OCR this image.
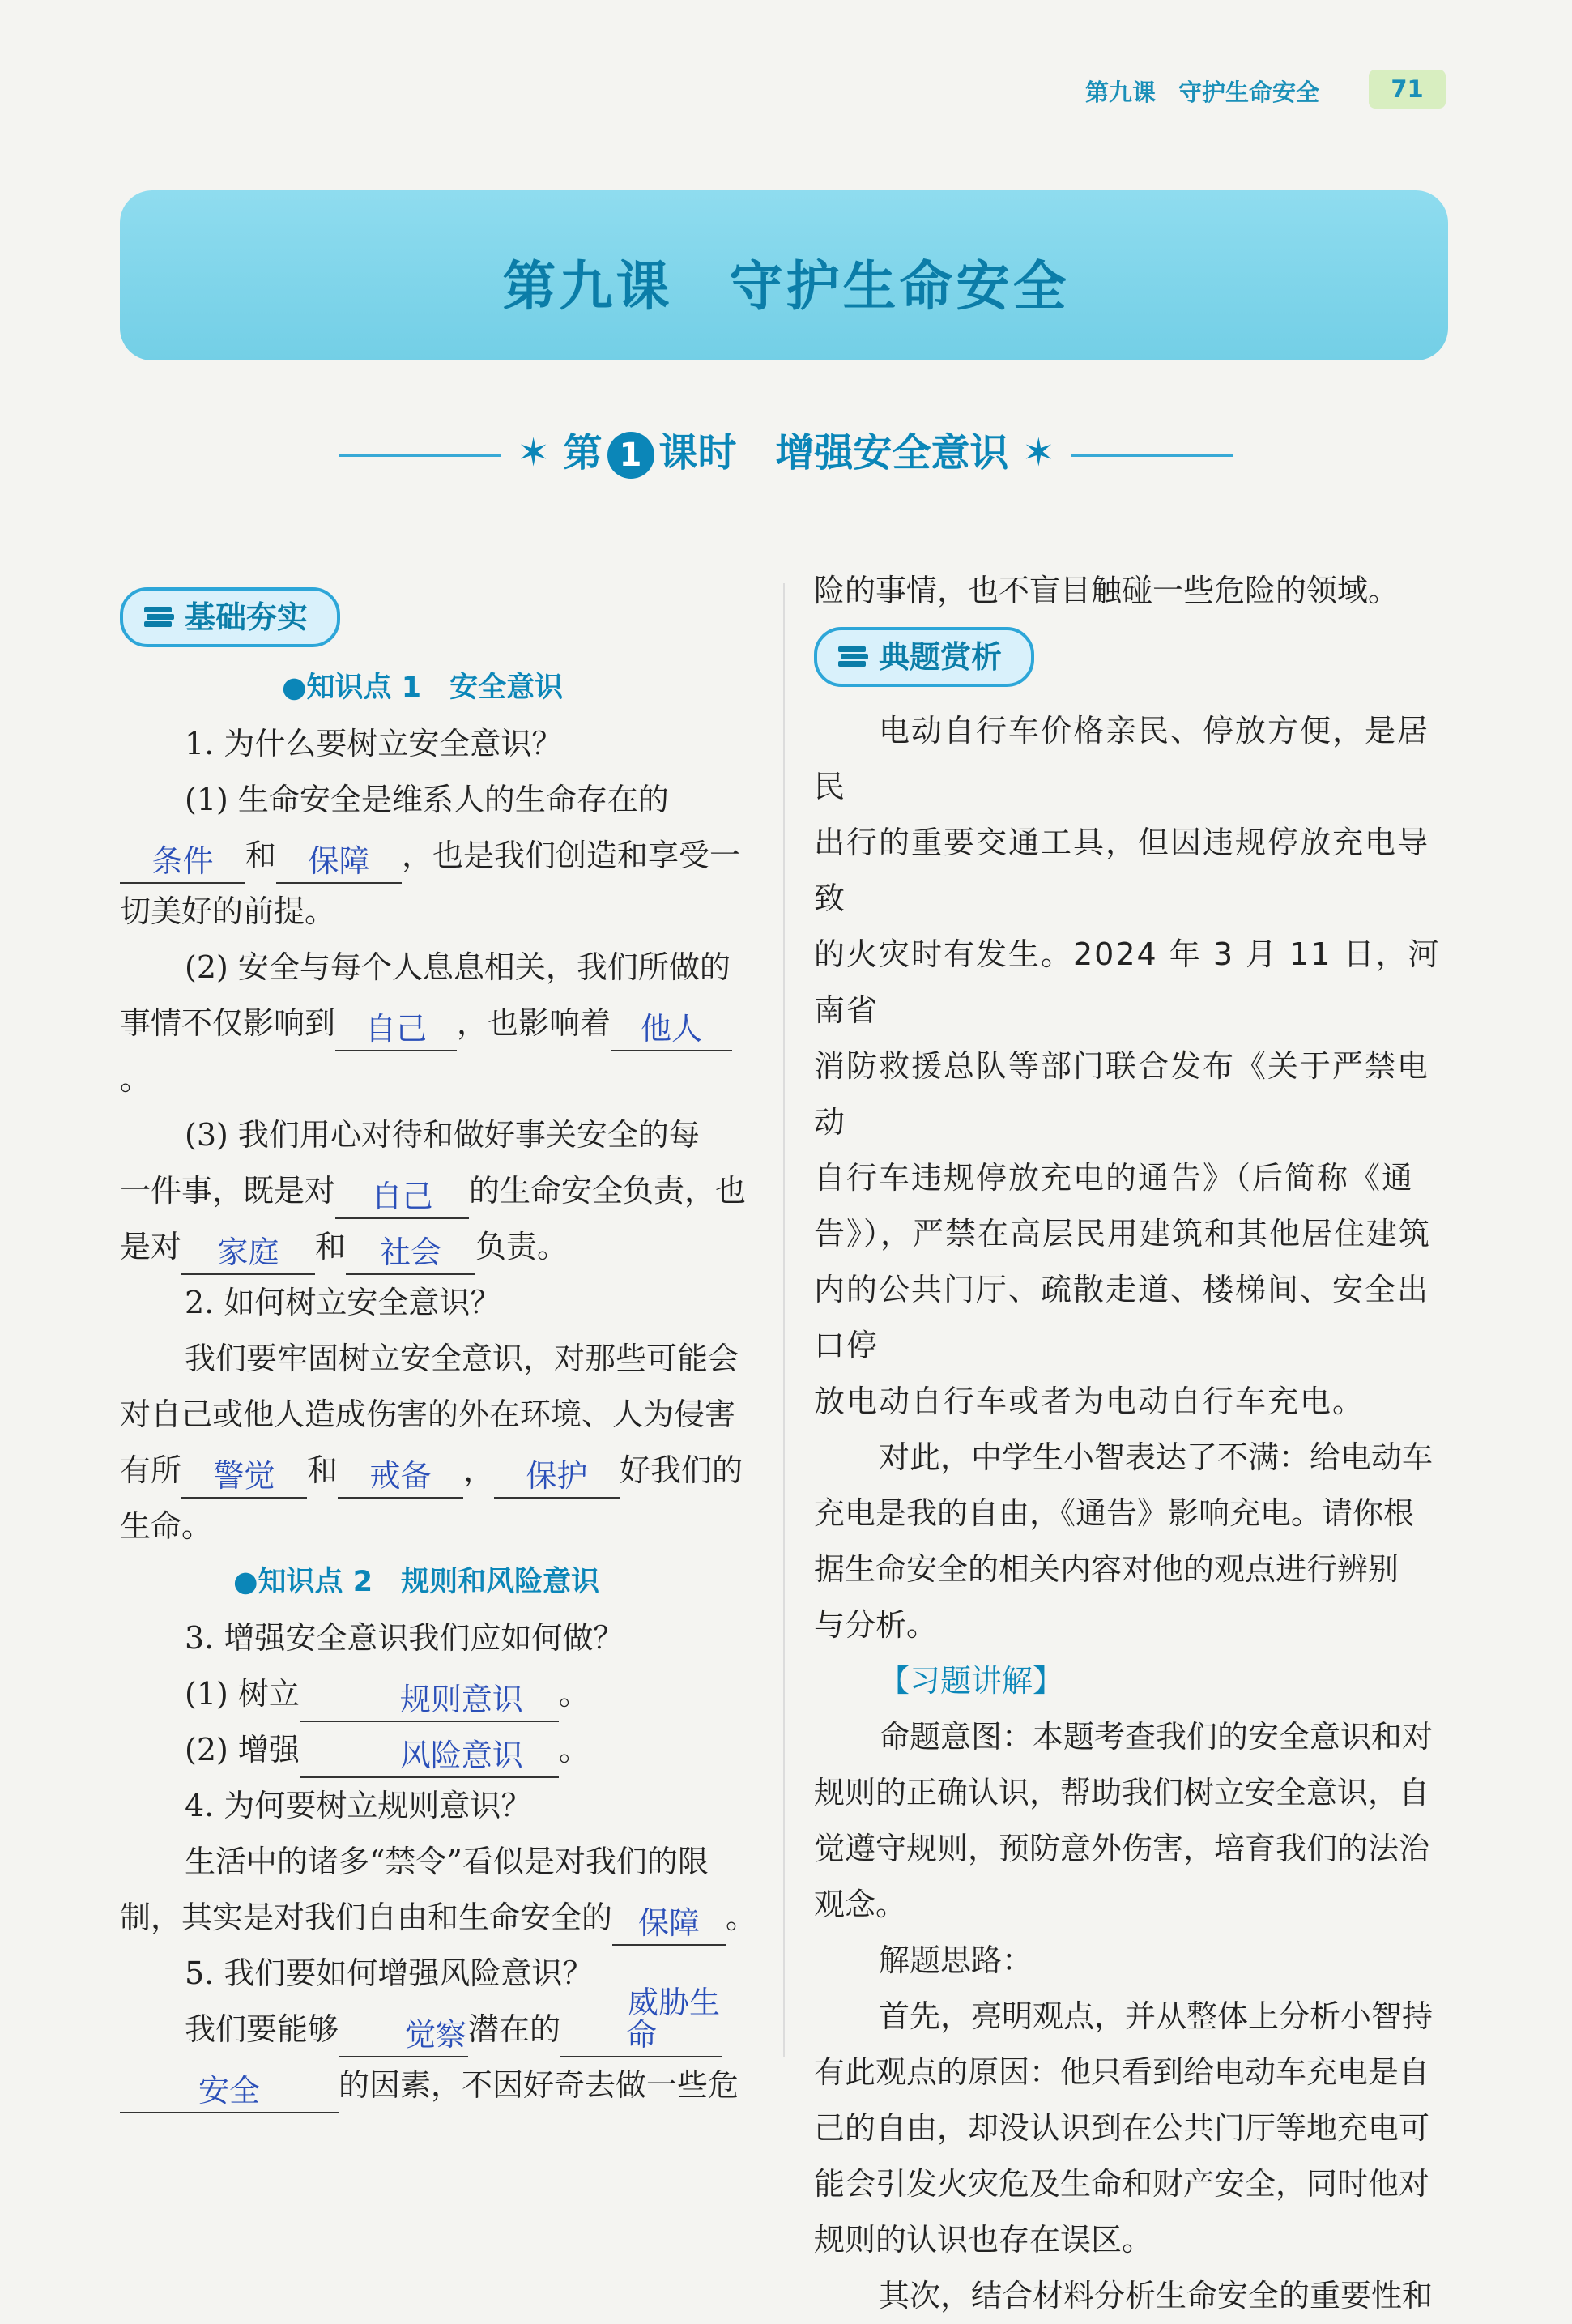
第九课 守护生命安全	71
第九课　守护生命安全
✶ 第 1 课时　增强安全意识 ✶
基础夯实

●知识点 1　安全意识

1. 为什么要树立安全意识？

(1) 生命安全是维系人的生命存在的

条件	和	保障	，也是我们创造和享受一

切美好的前提。

(2) 安全与每个人息息相关，我们所做的

事情不仅影响到 自己 ，也影响着 他人
。

(3) 我们用心对待和做好事关安全的每

一件事，既是对	自己	的生命安全负责，也

是对	家庭	和	社会	负责。

2. 如何树立安全意识？

我们要牢固树立安全意识，对那些可能会

对自己或他人造成伤害的外在环境、人为侵害

有所	警觉	和	戒备	，	保护	好我们的

生命。

●知识点 2　规则和风险意识

3. 增强安全意识我们应如何做？

(1) 树立	规则意识	。

(2) 增强	风险意识	。

4. 为何要树立规则意识？

生活中的诸多“禁令”看似是对我们的限

制，其实是对我们自由和生命安全的 保障 。

5. 我们要如何增强风险意识？

我们要能够	觉察 潜在的
威胁生命

安全	的因素，不因好奇去做一些危

险的事情，也不盲目触碰一些危险的领域。

典题赏析

电动自行车价格亲民、停放方便，是居民

出行的重要交通工具，但因违规停放充电导致

的火灾时有发生。2024 年 3 月 11 日，河南省

消防救援总队等部门联合发布《关于严禁电动

自行车违规停放充电的通告》（后简称《通

告》），严禁在高层民用建筑和其他居住建筑

内的公共门厅、疏散走道、楼梯间、安全出口停

放电动自行车或者为电动自行车充电。

对此，中学生小智表达了不满：给电动车

充电是我的自由，《通告》影响充电。请你根

据生命安全的相关内容对他的观点进行辨别

与分析。

【习题讲解】

命题意图：本题考查我们的安全意识和对

规则的正确认识，帮助我们树立安全意识，自

觉遵守规则，预防意外伤害，培育我们的法治

观念。

解题思路：

首先，亮明观点，并从整体上分析小智持

有此观点的原因：他只看到给电动车充电是自

己的自由，却没认识到在公共门厅等地充电可

能会引发火灾危及生命和财产安全，同时他对

规则的认识也存在误区。

其次，结合材料分析生命安全的重要性和
